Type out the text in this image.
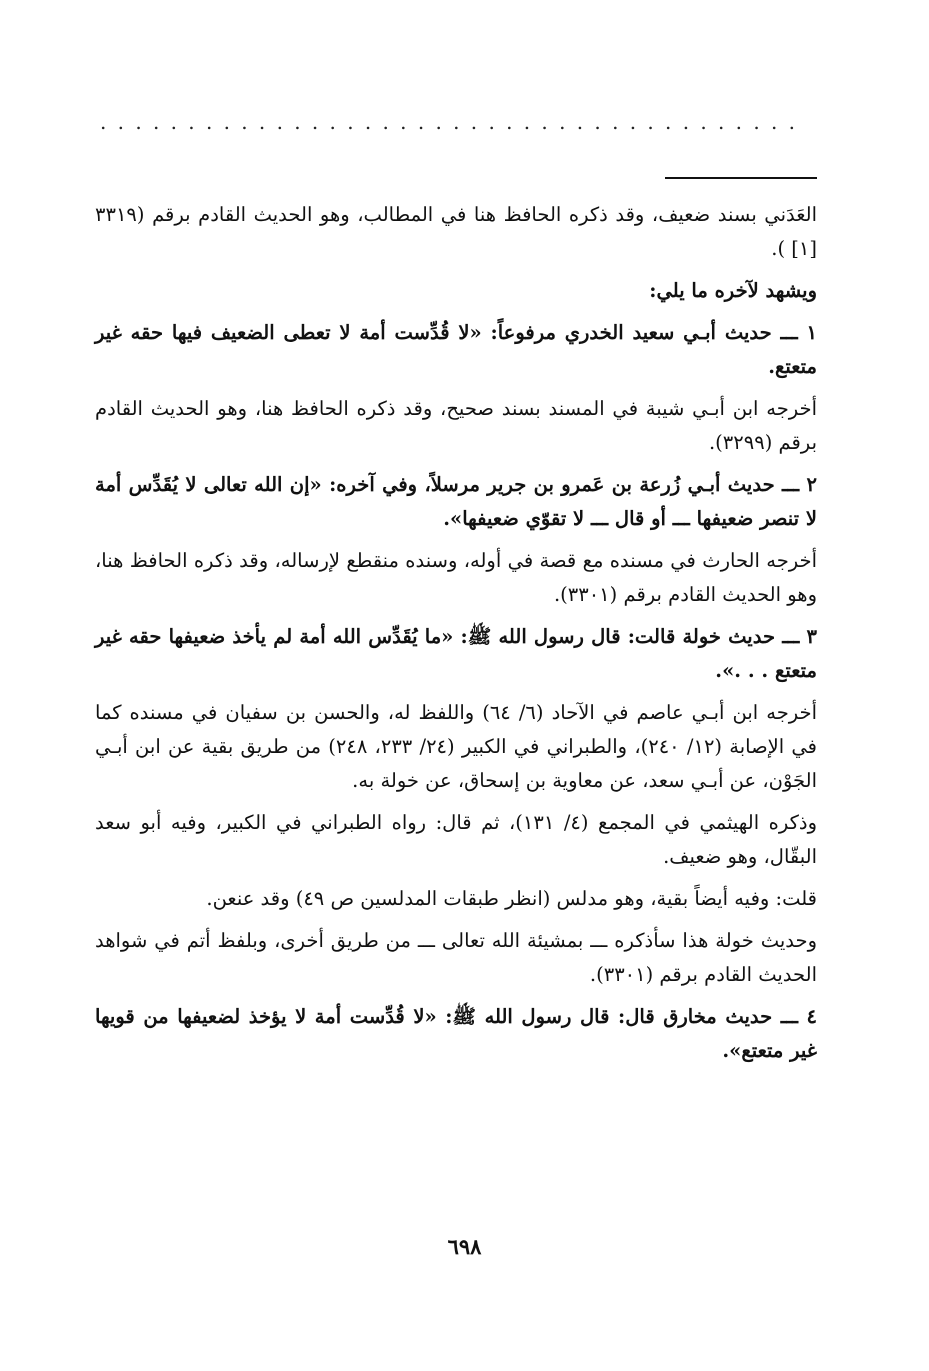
........................................

العَدَني بسند ضعيف، وقد ذكره الحافظ هنا في المطالب، وهو الحديث القادم برقم (٣٣١٩ [١] ).

ويشهد لآخره ما يلي:

١ ـــ حديث أبـي سعيد الخدري مرفوعاً: «لا قُدِّست أمة لا تعطى الضعيف فيها حقه غير متعتع.

أخرجه ابن أبـي شيبة في المسند بسند صحيح، وقد ذكره الحافظ هنا، وهو الحديث القادم برقم (٣٢٩٩).

٢ ـــ حديث أبـي زُرعة بن عَمرو بن جرير مرسلاً، وفي آخره: «إن الله تعالى لا يُقَدِّس أمة لا تنصر ضعيفها ـــ أو قال ـــ لا تقوّي ضعيفها».

أخرجه الحارث في مسنده مع قصة في أوله، وسنده منقطع لإرساله، وقد ذكره الحافظ هنا، وهو الحديث القادم برقم (٣٣٠١).

٣ ـــ حديث خولة قالت: قال رسول الله ﷺ: «ما يُقَدِّس الله أمة لم يأخذ ضعيفها حقه غير متعتع . . .».

أخرجه ابن أبـي عاصم في الآحاد (٦/ ٦٤) واللفظ له، والحسن بن سفيان في مسنده كما في الإصابة (١٢/ ٢٤٠)، والطبراني في الكبير (٢٤/ ٢٣٣، ٢٤٨) من طريق بقية عن ابن أبـي الجَوْن، عن أبـي سعد، عن معاوية بن إسحاق، عن خولة به.

وذكره الهيثمي في المجمع (٤/ ١٣١)، ثم قال: رواه الطبراني في الكبير، وفيه أبو سعد البقّال، وهو ضعيف.

قلت: وفيه أيضاً بقية، وهو مدلس (انظر طبقات المدلسين ص ٤٩) وقد عنعن.

وحديث خولة هذا سأذكره ـــ بمشيئة الله تعالى ـــ من طريق أخرى، وبلفظ أتم في شواهد الحديث القادم برقم (٣٣٠١).

٤ ـــ حديث مخارق قال: قال رسول الله ﷺ: «لا قُدِّست أمة لا يؤخذ لضعيفها من قويها غير متعتع».

٦٩٨
